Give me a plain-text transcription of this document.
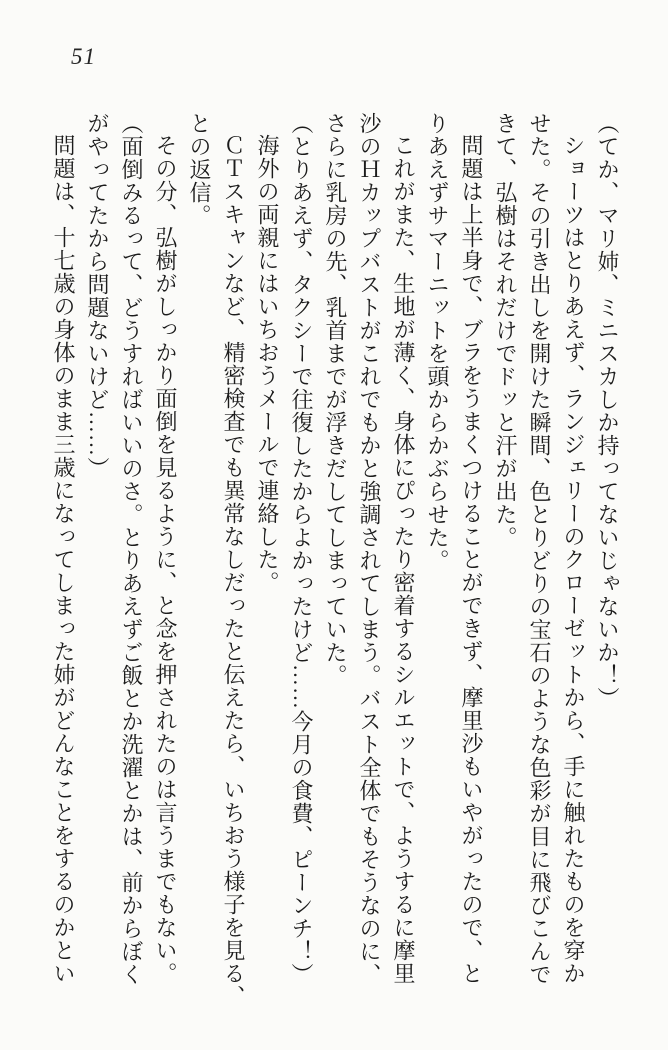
51
（てか、マリ姉、ミニスカしか持ってないじゃないか！）
ショーツはとりあえず、ランジェリーのクローゼットから、手に触れたものを穿か
せた。その引き出しを開けた瞬間、色とりどりの宝石のような色彩が目に飛びこんで
きて、弘樹はそれだけでドッと汗が出た。
問題は上半身で、ブラをうまくつけることができず、摩里沙もいやがったので、と
りあえずサマーニットを頭からかぶらせた。
これがまた、生地が薄く、身体にぴったり密着するシルエットで、ようするに摩里
沙のＨカップバストがこれでもかと強調されてしまう。バスト全体でもそうなのに、
さらに乳房の先、乳首までが浮きだしてしまっていた。
（とりあえず、タクシーで往復したからよかったけど……今月の食費、ピーンチ！）
海外の両親にはいちおうメールで連絡した。
ＣＴスキャンなど、精密検査でも異常なしだったと伝えたら、いちおう様子を見る、
との返信。
その分、弘樹がしっかり面倒を見るように、と念を押されたのは言うまでもない。
（面倒みるって、どうすればいいのさ。とりあえずご飯とか洗濯とかは、前からぼく
がやってたから問題ないけど……）
問題は、十七歳の身体のまま三歳になってしまった姉がどんなことをするのかとい
